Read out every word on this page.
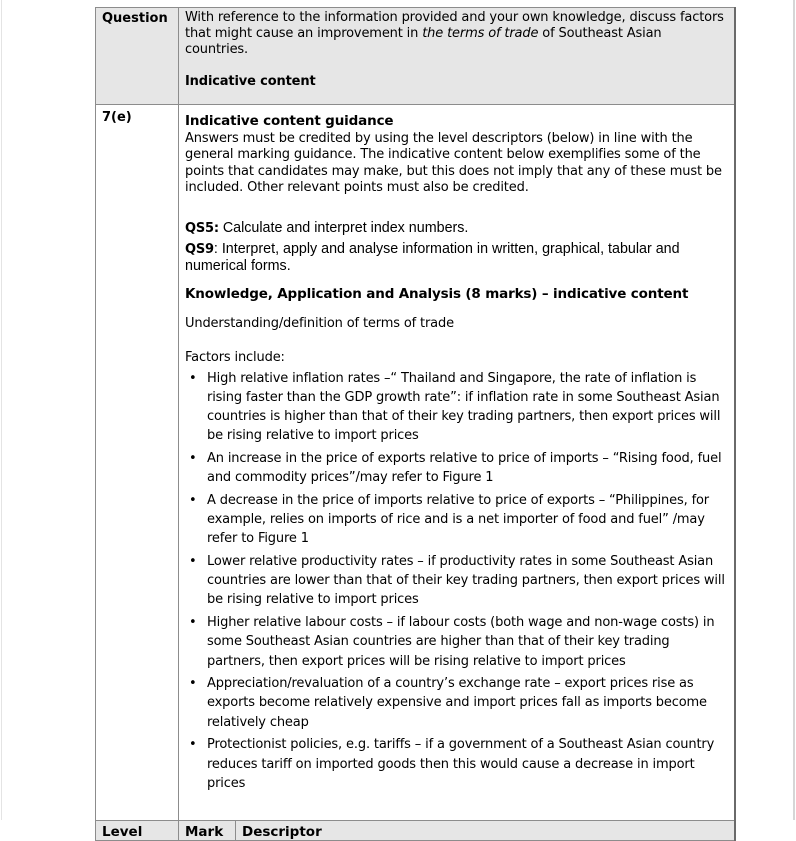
Question	With reference to the information provided and your own knowledge, discuss factors that might cause an improvement in the terms of trade of Southeast Asian countries.

Indicative content	

7(e)	Indicative content guidance

Answers must be credited by using the level descriptors (below) in line with the general marking guidance. The indicative content below exemplifies some of the points that candidates may make, but this does not imply that any of these must be included. Other relevant points must also be credited.

QS5: Calculate and interpret index numbers.

QS9: Interpret, apply and analyse information in written, graphical, tabular and numerical forms.

Knowledge, Application and Analysis (8 marks) – indicative content

Understanding/definition of terms of trade

Factors include:

• High relative inflation rates –“ Thailand and Singapore, the rate of inflation is rising faster than the GDP growth rate”: if inflation rate in some Southeast Asian countries is higher than that of their key trading partners, then export prices will be rising relative to import prices
• An increase in the price of exports relative to price of imports – “Rising food, fuel and commodity prices”/may refer to Figure 1
• A decrease in the price of imports relative to price of exports – “Philippines, for example, relies on imports of rice and is a net importer of food and fuel” /may refer to Figure 1
• Lower relative productivity rates – if productivity rates in some Southeast Asian countries are lower than that of their key trading partners, then export prices will be rising relative to import prices
• Higher relative labour costs – if labour costs (both wage and non-wage costs) in some Southeast Asian countries are higher than that of their key trading partners, then export prices will be rising relative to import prices
• Appreciation/revaluation of a country’s exchange rate – export prices rise as exports become relatively expensive and import prices fall as imports become relatively cheap
• Protectionist policies, e.g. tariffs – if a government of a Southeast Asian country reduces tariff on imported goods then this would cause a decrease in import prices

Level	Mark	Descriptor
